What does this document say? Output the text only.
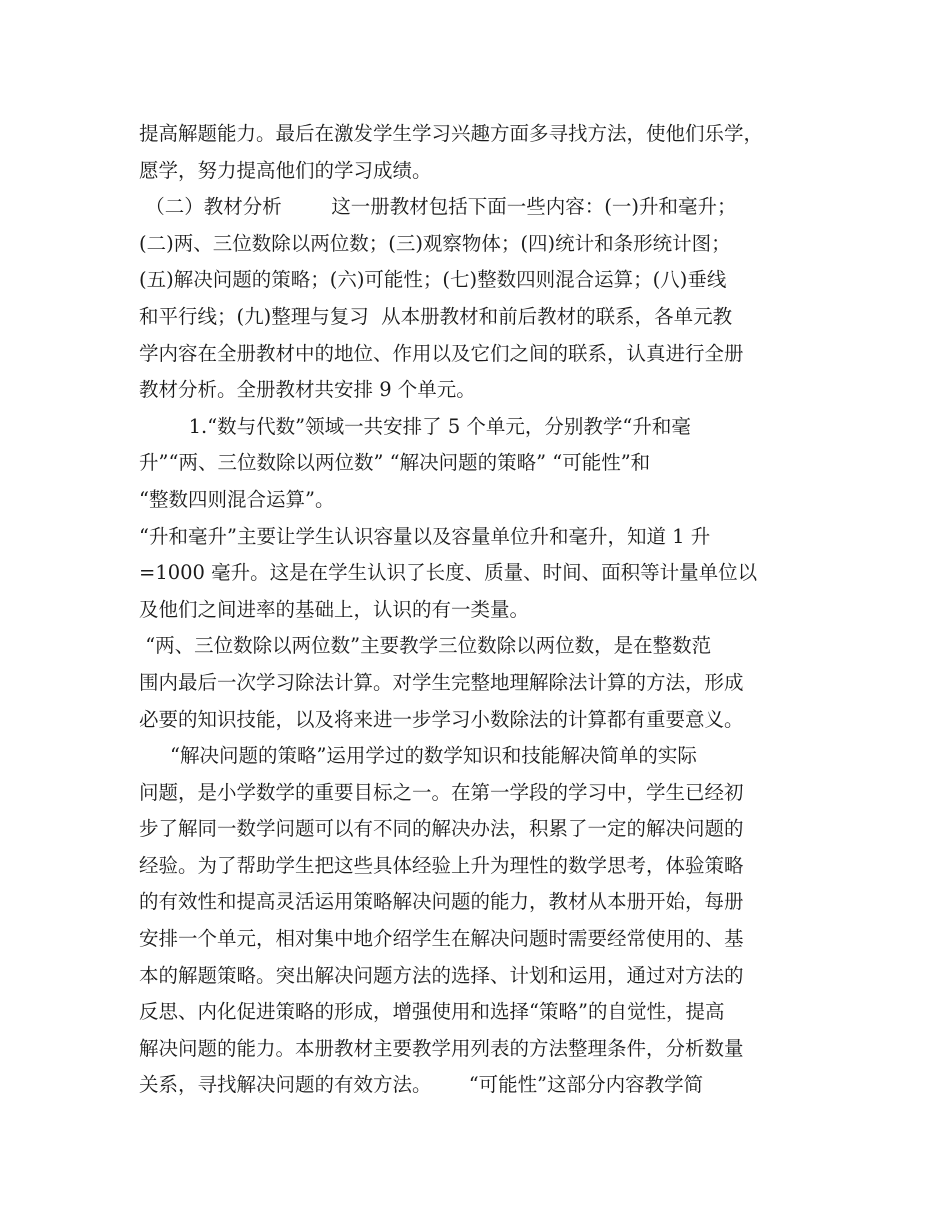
提高解题能力。最后在激发学生学习兴趣方面多寻找方法，使他们乐学，
愿学，努力提高他们的学习成绩。
（二）教材分析        这一册教材包括下面一些内容：(一)升和毫升；
(二)两、三位数除以两位数；(三)观察物体；(四)统计和条形统计图；
(五)解决问题的策略；(六)可能性；(七)整数四则混合运算；(八)垂线
和平行线；(九)整理与复习  从本册教材和前后教材的联系，各单元教
学内容在全册教材中的地位、作用以及它们之间的联系，认真进行全册
教材分析。全册教材共安排 9 个单元。
1.“数与代数”领域一共安排了 5 个单元，分别教学“升和毫
升”“两、三位数除以两位数” “解决问题的策略” “可能性”和
“整数四则混合运算”。
“升和毫升”主要让学生认识容量以及容量单位升和毫升，知道 1 升
=1000 毫升。这是在学生认识了长度、质量、时间、面积等计量单位以
及他们之间进率的基础上，认识的有一类量。
“两、三位数除以两位数”主要教学三位数除以两位数，是在整数范
围内最后一次学习除法计算。对学生完整地理解除法计算的方法，形成
必要的知识技能，以及将来进一步学习小数除法的计算都有重要意义。
“解决问题的策略”运用学过的数学知识和技能解决简单的实际
问题，是小学数学的重要目标之一。在第一学段的学习中，学生已经初
步了解同一数学问题可以有不同的解决办法，积累了一定的解决问题的
经验。为了帮助学生把这些具体经验上升为理性的数学思考，体验策略
的有效性和提高灵活运用策略解决问题的能力，教材从本册开始，每册
安排一个单元，相对集中地介绍学生在解决问题时需要经常使用的、基
本的解题策略。突出解决问题方法的选择、计划和运用，通过对方法的
反思、内化促进策略的形成，增强使用和选择“策略”的自觉性，提高
解决问题的能力。本册教材主要教学用列表的方法整理条件，分析数量
关系，寻找解决问题的有效方法。      “可能性”这部分内容教学简
